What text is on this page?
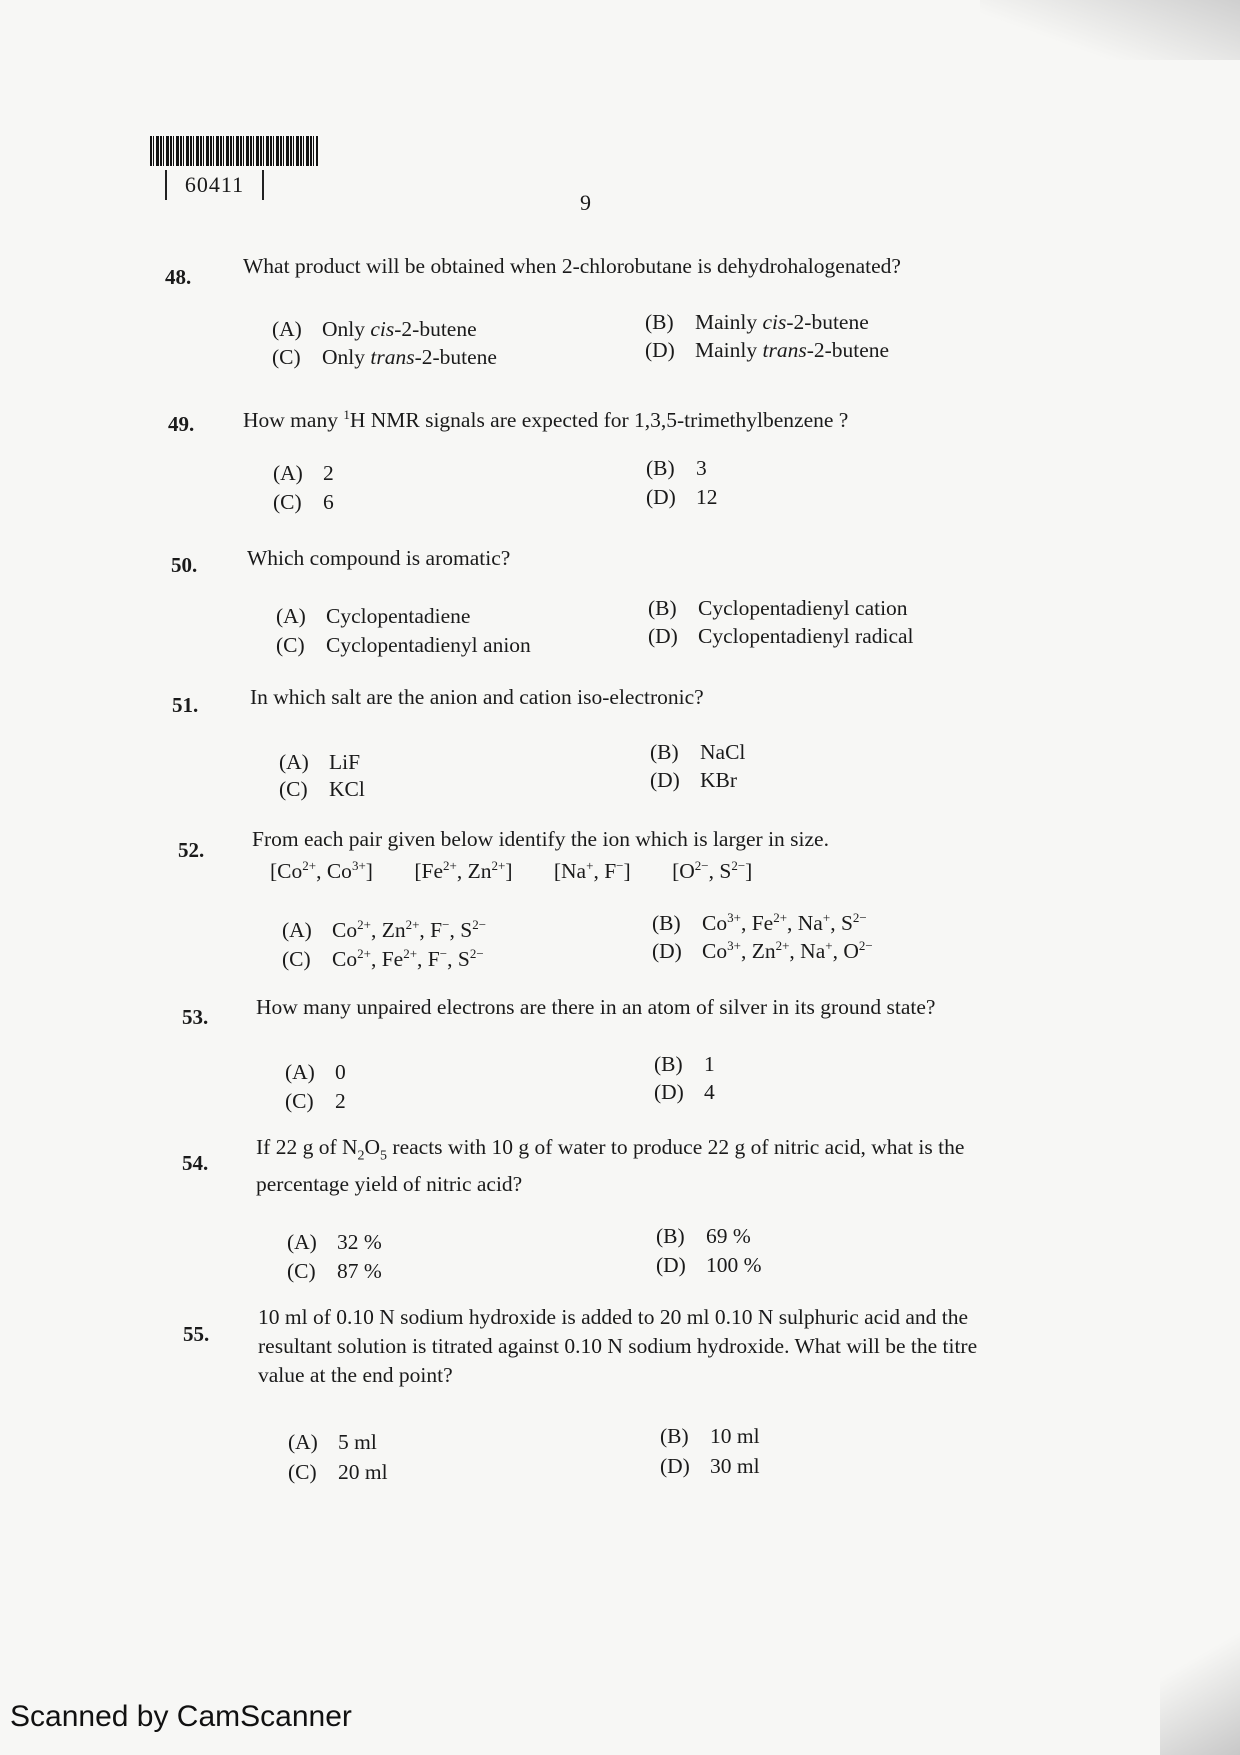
60411
9
48. What product will be obtained when 2-chlorobutane is dehydrohalogenated?
(A) Only cis-2-butene	(B) Mainly cis-2-butene
(C) Only trans-2-butene	(D) Mainly trans-2-butene
49. How many $^1$H NMR signals are expected for 1,3,5-trimethylbenzene ?
(A) 2	(B) 3
(C) 6	(D) 12
50. Which compound is aromatic?
(A) Cyclopentadiene	(B) Cyclopentadienyl cation
(C) Cyclopentadienyl anion	(D) Cyclopentadienyl radical
51. In which salt are the anion and cation iso-electronic?
(A) LiF	(B) NaCl
(C) KCl	(D) KBr
52. From each pair given below identify the ion which is larger in size.
[$Co^{2+}$, $Co^{3+}$] [$Fe^{2+}$, $Zn^{2+}$] [Na+, F−] [$O^{2-}$, $S^{2-}$]
(A) $Co^{2+}$, $Zn^{2+}$, F−, $S^{2-}$	(B) $Co^{3+}$, $Fe^{2+}$, Na+, $S^{2-}$
(C) $Co^{2+}$, $Fe^{2+}$, F−, $S^{2-}$	(D) $Co^{3+}$, $Zn^{2+}$, Na+, $O^{2-}$
53. How many unpaired electrons are there in an atom of silver in its ground state?
(A) 0	(B) 1
(C) 2	(D) 4
54.
If 22 g of $N_2O_5$ reacts with 10 g of water to produce 22 g of nitric acid, what is the percentage yield of nitric acid?
(A) 32 %	(B) 69 %
(C) 87 %	(D) 100 %
55.
10 ml of 0.10 N sodium hydroxide is added to 20 ml 0.10 N sulphuric acid and the resultant solution is titrated against 0.10 N sodium hydroxide. What will be the titre value at the end point?
(A) 5 ml	(B) 10 ml
(C) 20 ml	(D) 30 ml
Scanned by CamScanner
